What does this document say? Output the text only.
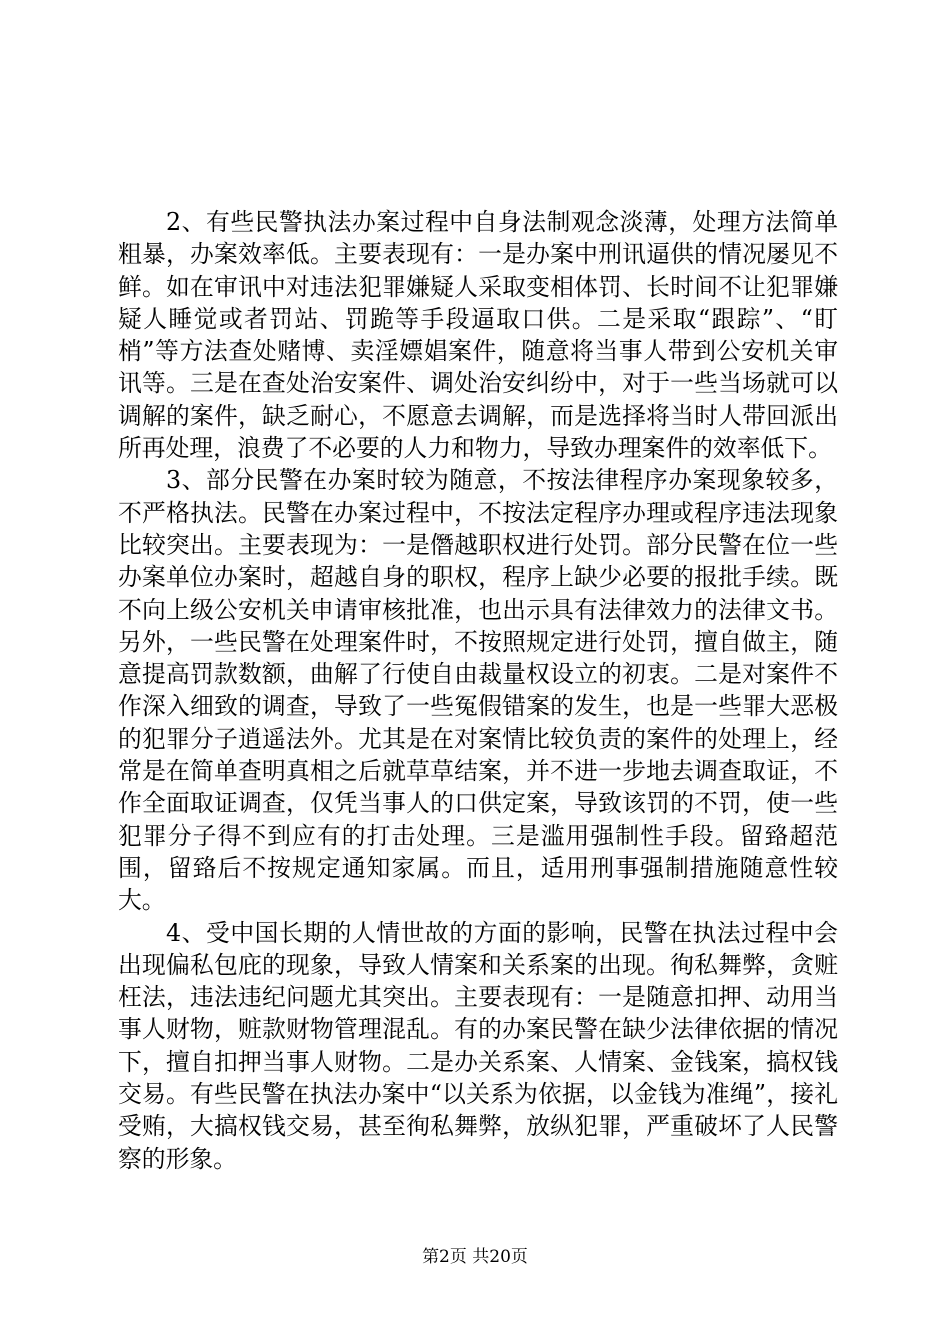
2、有些民警执法办案过程中自身法制观念淡薄，处理方法简单粗暴，办案效率低。主要表现有：一是办案中刑讯逼供的情况屡见不鲜。如在审讯中对违法犯罪嫌疑人采取变相体罚、长时间不让犯罪嫌疑人睡觉或者罚站、罚跪等手段逼取口供。二是采取“跟踪”、“盯梢”等方法查处赌博、卖淫嫖娼案件，随意将当事人带到公安机关审讯等。三是在查处治安案件、调处治安纠纷中，对于一些当场就可以调解的案件，缺乏耐心，不愿意去调解，而是选择将当时人带回派出所再处理，浪费了不必要的人力和物力，导致办理案件的效率低下。

3、部分民警在办案时较为随意，不按法律程序办案现象较多，不严格执法。民警在办案过程中，不按法定程序办理或程序违法现象比较突出。主要表现为：一是僭越职权进行处罚。部分民警在位一些办案单位办案时，超越自身的职权，程序上缺少必要的报批手续。既不向上级公安机关申请审核批准，也出示具有法律效力的法律文书。另外，一些民警在处理案件时，不按照规定进行处罚，擅自做主，随意提高罚款数额，曲解了行使自由裁量权设立的初衷。二是对案件不作深入细致的调查，导致了一些冤假错案的发生，也是一些罪大恶极的犯罪分子逍遥法外。尤其是在对案情比较负责的案件的处理上，经常是在简单查明真相之后就草草结案，并不进一步地去调查取证，不作全面取证调查，仅凭当事人的口供定案，导致该罚的不罚，使一些犯罪分子得不到应有的打击处理。三是滥用强制性手段。留臵超范围，留臵后不按规定通知家属。而且，适用刑事强制措施随意性较大。

4、受中国长期的人情世故的方面的影响，民警在执法过程中会出现偏私包庇的现象，导致人情案和关系案的出现。徇私舞弊，贪赃枉法，违法违纪问题尤其突出。主要表现有：一是随意扣押、动用当事人财物，赃款财物管理混乱。有的办案民警在缺少法律依据的情况下，擅自扣押当事人财物。二是办关系案、人情案、金钱案，搞权钱交易。有些民警在执法办案中“以关系为依据，以金钱为准绳”，接礼受贿，大搞权钱交易，甚至徇私舞弊，放纵犯罪，严重破坏了人民警察的形象。

第2页 共20页
